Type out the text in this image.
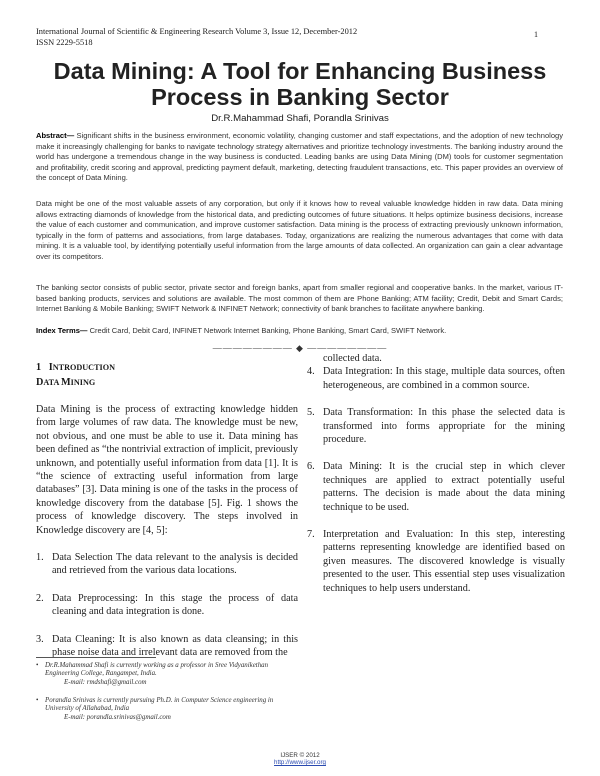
International Journal of Scientific & Engineering Research Volume 3, Issue 12, December-2012
ISSN 2229-5518
1
Data Mining: A Tool for Enhancing Business Process in Banking Sector
Dr.R.Mahammad Shafi, Porandla Srinivas
Abstract— Significant shifts in the business environment, economic volatility, changing customer and staff expectations, and the adoption of new technology make it increasingly challenging for banks to navigate technology strategy alternatives and prioritize technology investments. The banking industry around the world has undergone a tremendous change in the way business is conducted. Leading banks are using Data Mining (DM) tools for customer segmentation and profitability, credit scoring and approval, predicting payment default, marketing, detecting fraudulent transactions, etc. This paper provides an overview of the concept of Data Mining.
Data might be one of the most valuable assets of any corporation, but only if it knows how to reveal valuable knowledge hidden in raw data. Data mining allows extracting diamonds of knowledge from the historical data, and predicting outcomes of future situations. It helps optimize business decisions, increase the value of each customer and communication, and improve customer satisfaction. Data mining is the process of extracting previously unknown information, typically in the form of patterns and associations, from large databases. Today, organizations are realizing the numerous advantages that come with data mining. It is a valuable tool, by identifying potentially useful information from the large amounts of data collected. An organization can gain a clear advantage over its competitors.
The banking sector consists of public sector, private sector and foreign banks, apart from smaller regional and cooperative banks. In the market, various IT-based banking products, services and solutions are available. The most common of them are Phone Banking; ATM facility; Credit, Debit and Smart Cards; Internet Banking & Mobile Banking; SWIFT Network & INFINET Network; connectivity of bank branches to facilitate anywhere banking.
Index Terms— Credit Card, Debit Card, INFINET Network Internet Banking, Phone Banking, Smart Card, SWIFT Network.
———————— ◆ ————————
1 INTRODUCTION
DATA MINING
Data Mining is the process of extracting knowledge hidden from large volumes of raw data. The knowledge must be new, not obvious, and one must be able to use it. Data mining has been defined as “the nontrivial extraction of implicit, previously unknown, and potentially useful information from data [1]. It is “the science of extracting useful information from large databases” [3]. Data mining is one of the tasks in the process of knowledge discovery from the database [5]. Fig. 1 shows the process of knowledge discovery. The steps involved in Knowledge discovery are [4, 5]:
1. Data Selection The data relevant to the analysis is decided and retrieved from the various data locations.
2. Data Preprocessing: In this stage the process of data cleaning and data integration is done.
3. Data Cleaning: It is also known as data cleansing; in this phase noise data and irrelevant data are removed from the
collected data.
4. Data Integration: In this stage, multiple data sources, often heterogeneous, are combined in a common source.
5. Data Transformation: In this phase the selected data is transformed into forms appropriate for the mining procedure.
6. Data Mining: It is the crucial step in which clever techniques are applied to extract potentially useful patterns. The decision is made about the data mining technique to be used.
7. Interpretation and Evaluation: In this step, interesting patterns representing knowledge are identified based on given measures. The discovered knowledge is visually presented to the user. This essential step uses visualization techniques to help users understand.
• Dr.R.Mahammad Shafi is currently working as a professor in Sree Vidyanikethan Engineering College, Rangampet, India.
E-mail: rmdshafi@gmail.com
• Porandla Srinivas is currently pursuing Ph.D. in Computer Science engineering in University of Allahabad, India
E-mail: porandla.srinivas@gmail.com
IJSER © 2012
http://www.ijser.org
